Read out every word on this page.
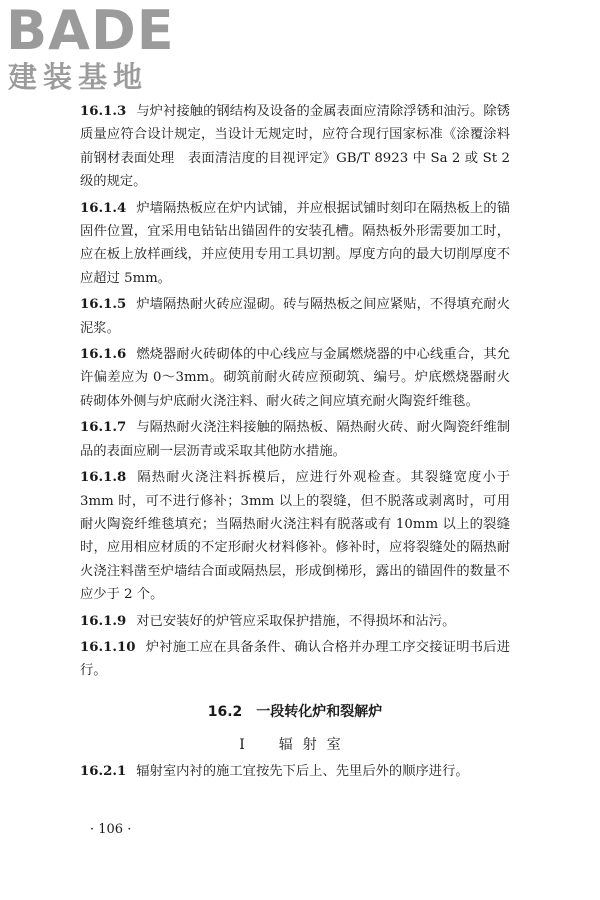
BADE
建装基地

16.1.3 与炉衬接触的钢结构及设备的金属表面应清除浮锈和油污。除锈质量应符合设计规定，当设计无规定时，应符合现行国家标准《涂覆涂料前钢材表面处理　表面清洁度的目视评定》GB/T 8923 中 Sa 2 或 St 2 级的规定。

16.1.4 炉墙隔热板应在炉内试铺，并应根据试铺时刻印在隔热板上的锚固件位置，宜采用电钻钻出锚固件的安装孔槽。隔热板外形需要加工时，应在板上放样画线，并应使用专用工具切割。厚度方向的最大切削厚度不应超过 5mm。

16.1.5 炉墙隔热耐火砖应湿砌。砖与隔热板之间应紧贴，不得填充耐火泥浆。

16.1.6 燃烧器耐火砖砌体的中心线应与金属燃烧器的中心线重合，其允许偏差应为 0～3mm。砌筑前耐火砖应预砌筑、编号。炉底燃烧器耐火砖砌体外侧与炉底耐火浇注料、耐火砖之间应填充耐火陶瓷纤维毯。

16.1.7 与隔热耐火浇注料接触的隔热板、隔热耐火砖、耐火陶瓷纤维制品的表面应刷一层沥青或采取其他防水措施。

16.1.8 隔热耐火浇注料拆模后，应进行外观检查。其裂缝宽度小于 3mm 时，可不进行修补；3mm 以上的裂缝，但不脱落或剥离时，可用耐火陶瓷纤维毯填充；当隔热耐火浇注料有脱落或有 10mm 以上的裂缝时，应用相应材质的不定形耐火材料修补。修补时，应将裂缝处的隔热耐火浇注料凿至炉墙结合面或隔热层，形成倒梯形，露出的锚固件的数量不应少于 2 个。

16.1.9 对已安装好的炉管应采取保护措施，不得损坏和沾污。

16.1.10 炉衬施工应在具备条件、确认合格并办理工序交接证明书后进行。

16.2　一段转化炉和裂解炉
Ⅰ　辐射室

16.2.1 辐射室内衬的施工宜按先下后上、先里后外的顺序进行。

· 106 ·
